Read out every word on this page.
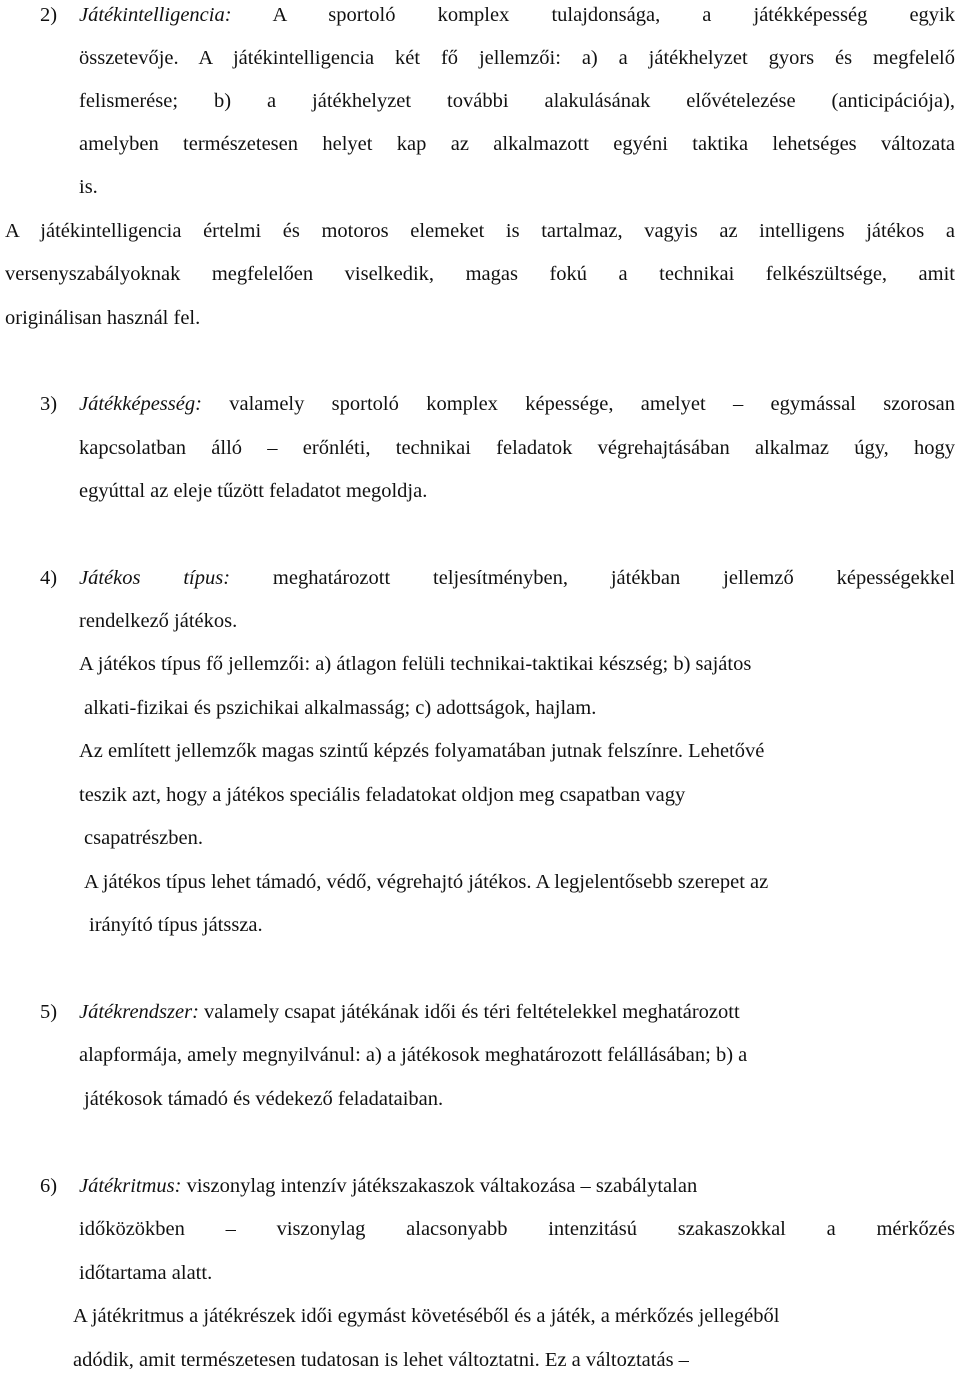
2) Játékintelligencia: A sportoló komplex tulajdonsága, a játékképesség egyik
összetevője. A játékintelligencia két fő jellemzői: a) a játékhelyzet gyors és megfelelő
felismerése; b) a játékhelyzet további alakulásának elővételezése (anticipációja),
amelyben természetesen helyet kap az alkalmazott egyéni taktika lehetséges változata
is.
A játékintelligencia értelmi és motoros elemeket is tartalmaz, vagyis az intelligens játékos a
versenyszabályoknak megfelelően viselkedik, magas fokú a technikai felkészültsége, amit
originálisan használ fel.
3) Játékképesség: valamely sportoló komplex képessége, amelyet – egymással szorosan
kapcsolatban álló – erőnléti, technikai feladatok végrehajtásában alkalmaz úgy, hogy
egyúttal az eleje tűzött feladatot megoldja.
4) Játékos típus: meghatározott teljesítményben, játékban jellemző képességekkel
rendelkező játékos.
A játékos típus fő jellemzői: a) átlagon felüli technikai-taktikai készség; b) sajátos
alkati-fizikai és pszichikai alkalmasság; c) adottságok, hajlam.
Az említett jellemzők magas szintű képzés folyamatában jutnak felszínre. Lehetővé
teszik azt, hogy a játékos speciális feladatokat oldjon meg csapatban vagy
csapatrészben.
A játékos típus lehet támadó, védő, végrehajtó játékos. A legjelentősebb szerepet az
irányító típus játssza.
5) Játékrendszer: valamely csapat játékának idői és téri feltételekkel meghatározott
alapformája, amely megnyilvánul: a) a játékosok meghatározott felállásában; b) a
játékosok támadó és védekező feladataiban.
6) Játékritmus: viszonylag intenzív játékszakaszok váltakozása – szabálytalan
időközökben – viszonylag alacsonyabb intenzitású szakaszokkal a mérkőzés
időtartama alatt.
A játékritmus a játékrészek idői egymást követéséből és a játék, a mérkőzés jellegéből
adódik, amit természetesen tudatosan is lehet változtatni. Ez a változtatás –
